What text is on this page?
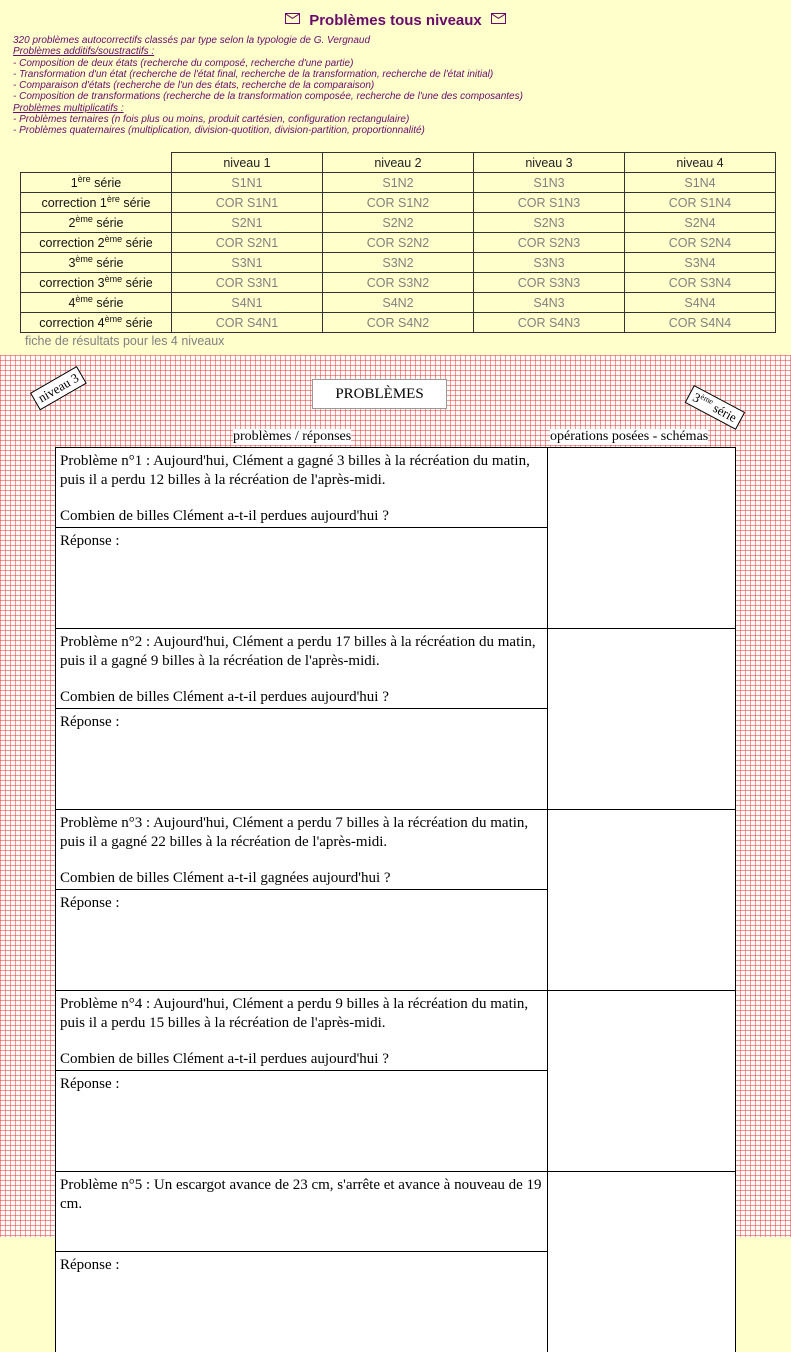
Problèmes tous niveaux
320 problèmes autocorrectifs classés par type selon la typologie de G. Vergnaud
Problèmes additifs/soustractifs :
- Composition de deux états (recherche du composé, recherche d'une partie)
- Transformation d'un état (recherche de l'état final, recherche de la transformation, recherche de l'état initial)
- Comparaison d'états (recherche de l'un des états, recherche de la comparaison)
- Composition de transformations (recherche de la transformation composée, recherche de l'une des composantes)
Problèmes multiplicatifs :
- Problèmes ternaires (n fois plus ou moins, produit cartésien, configuration rectangulaire)
- Problèmes quaternaires (multiplication, division-quotition, division-partition, proportionnalité)
	niveau 1	niveau 2	niveau 3	niveau 4
1ère série	S1N1	S1N2	S1N3	S1N4
correction 1ère série	COR S1N1	COR S1N2	COR S1N3	COR S1N4
2ème série	S2N1	S2N2	S2N3	S2N4
correction 2ème série	COR S2N1	COR S2N2	COR S2N3	COR S2N4
3ème série	S3N1	S3N2	S3N3	S3N4
correction 3ème série	COR S3N1	COR S3N2	COR S3N3	COR S3N4
4ème série	S4N1	S4N2	S4N3	S4N4
correction 4ème série	COR S4N1	COR S4N2	COR S4N3	COR S4N4
fiche de résultats pour les 4 niveaux
PROBLÈMES
niveau 3	3ème série
problèmes / réponses	opérations posées - schémas
Problème n°1 : Aujourd'hui, Clément a gagné 3 billes à la récréation du matin, puis il a perdu 12 billes à la récréation de l'après-midi.
Combien de billes Clément a-t-il perdues aujourd'hui ?
Réponse :
Problème n°2 : Aujourd'hui, Clément a perdu 17 billes à la récréation du matin, puis il a gagné 9 billes à la récréation de l'après-midi.
Combien de billes Clément a-t-il perdues aujourd'hui ?
Réponse :
Problème n°3 : Aujourd'hui, Clément a perdu 7 billes à la récréation du matin, puis il a gagné 22 billes à la récréation de l'après-midi.
Combien de billes Clément a-t-il gagnées aujourd'hui ?
Réponse :
Problème n°4 : Aujourd'hui, Clément a perdu 9 billes à la récréation du matin, puis il a perdu 15 billes à la récréation de l'après-midi.
Combien de billes Clément a-t-il perdues aujourd'hui ?
Réponse :
Problème n°5 : Un escargot avance de 23 cm, s'arrête et avance à nouveau de 19 cm.
Réponse :
